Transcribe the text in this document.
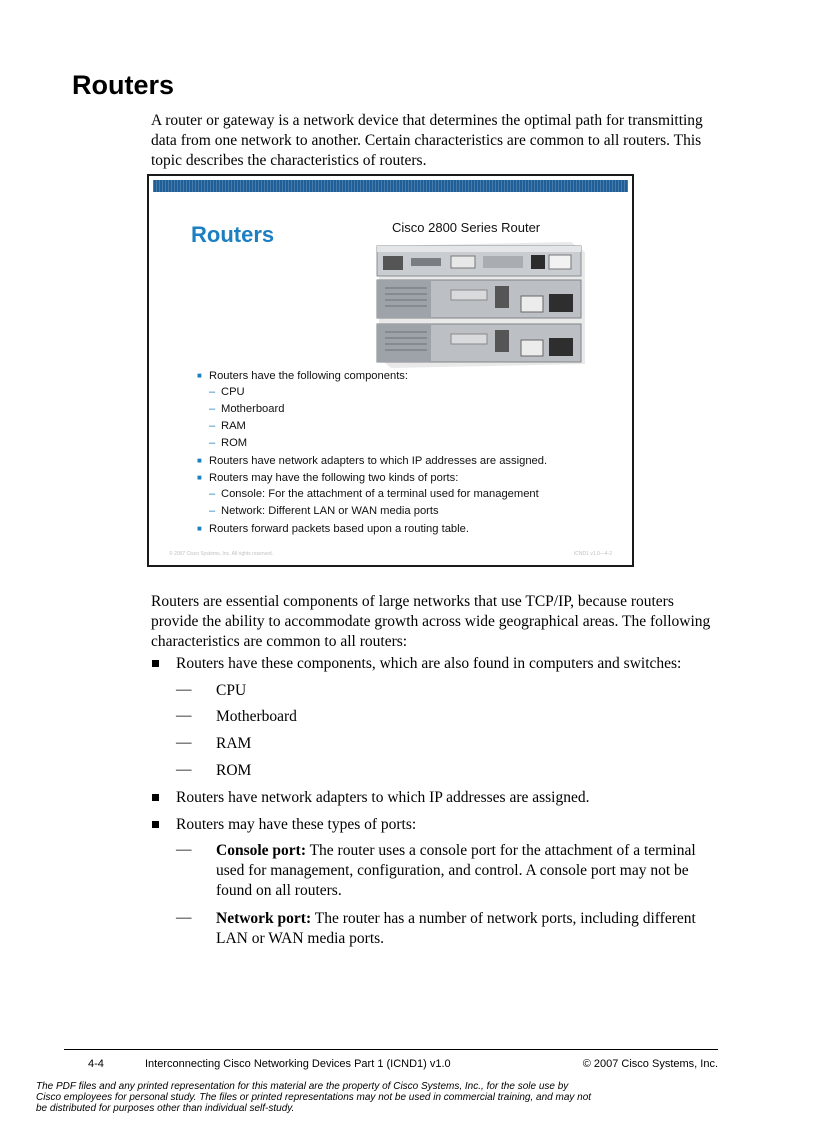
Routers
A router or gateway is a network device that determines the optimal path for transmitting data from one network to another. Certain characteristics are common to all routers. This topic describes the characteristics of routers.
Routers	Cisco 2800 Series Router
■ Routers have the following components:
– CPU
– Motherboard
– RAM
– ROM
■ Routers have network adapters to which IP addresses are assigned.
■ Routers may have the following two kinds of ports:
– Console: For the attachment of a terminal used for management
– Network: Different LAN or WAN media ports
■ Routers forward packets based upon a routing table.
© 2007 Cisco Systems, Inc. All rights reserved.	ICND1 v1.0—4-2
Routers are essential components of large networks that use TCP/IP, because routers provide the ability to accommodate growth across wide geographical areas. The following characteristics are common to all routers:
Routers have these components, which are also found in computers and switches:
— CPU
— Motherboard
— RAM
— ROM
Routers have network adapters to which IP addresses are assigned.
Routers may have these types of ports:
— Console port: The router uses a console port for the attachment of a terminal used for management, configuration, and control. A console port may not be found on all routers.
— Network port: The router has a number of network ports, including different LAN or WAN media ports.
4-4	Interconnecting Cisco Networking Devices Part 1 (ICND1) v1.0	© 2007 Cisco Systems, Inc.
The PDF files and any printed representation for this material are the property of Cisco Systems, Inc., for the sole use by Cisco employees for personal study. The files or printed representations may not be used in commercial training, and may not be distributed for purposes other than individual self-study.
